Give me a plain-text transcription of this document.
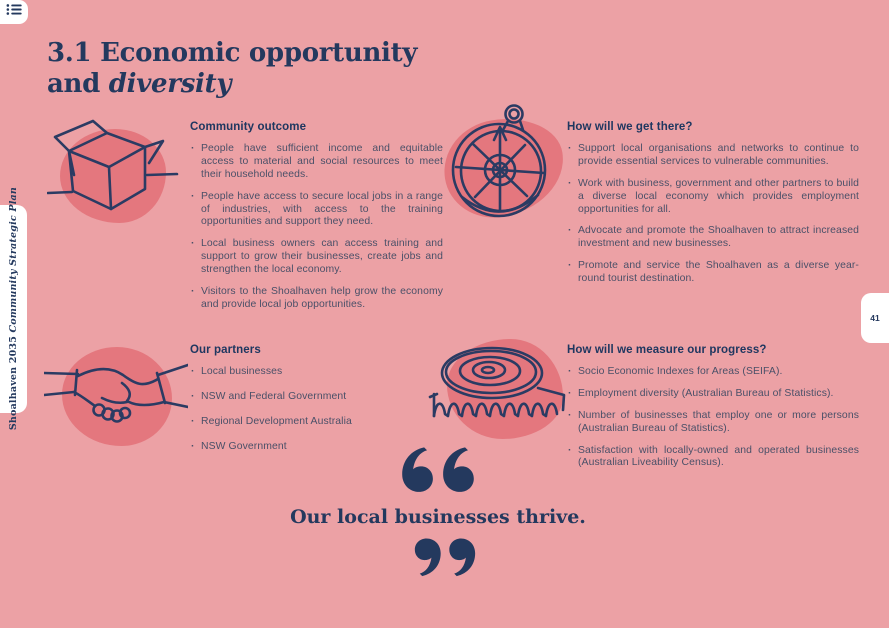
3.1 Economic opportunity
and diversity
Shoalhaven 2035 Community Strategic Plan	41
Community outcome
· People have sufficient income and equitable access to material and social resources to meet their household needs.
· People have access to secure local jobs in a range of industries, with access to the training opportunities and support they need.
· Local business owners can access training and support to grow their businesses, create jobs and strengthen the local economy.
· Visitors to the Shoalhaven help grow the economy and provide local job opportunities.
How will we get there?
· Support local organisations and networks to continue to provide essential services to vulnerable communities.
· Work with business, government and other partners to build a diverse local economy which provides employment opportunities for all.
· Advocate and promote the Shoalhaven to attract increased investment and new businesses.
· Promote and service the Shoalhaven as a diverse year-round tourist destination.
Our partners
· Local businesses
· NSW and Federal Government
· Regional Development Australia
· NSW Government
How will we measure our progress?
· Socio Economic Indexes for Areas (SEIFA).
· Employment diversity (Australian Bureau of Statistics).
· Number of businesses that employ one or more persons (Australian Bureau of Statistics).
· Satisfaction with locally-owned and operated businesses (Australian Liveability Census).
Our local businesses thrive.
